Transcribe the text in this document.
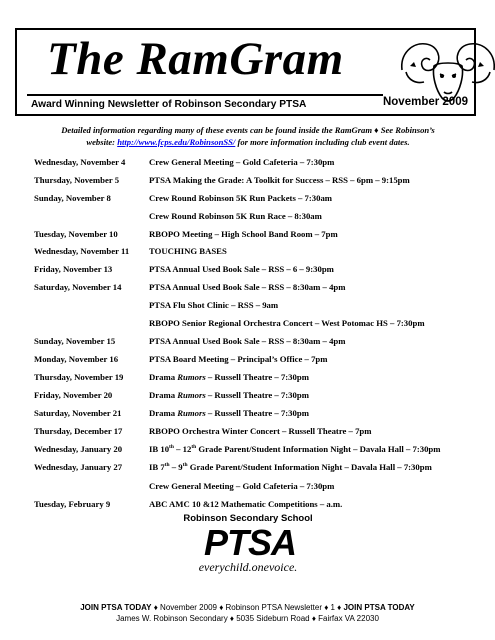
The RamGram
Award Winning Newsletter of Robinson Secondary PTSA	November 2009
Detailed information regarding many of these events can be found inside the RamGram ♦ See Robinson’s
website: http://www.fcps.edu/RobinsonSS/ for more information including club event dates.
Wednesday, November 4	Crew General Meeting – Gold Cafeteria – 7:30pm
Thursday, November 5	PTSA Making the Grade: A Toolkit for Success – RSS – 6pm – 9:15pm
Sunday, November 8	Crew Round Robinson 5K Run Packets – 7:30am
Crew Round Robinson 5K Run Race – 8:30am
Tuesday, November 10	RBOPO Meeting – High School Band Room – 7pm
Wednesday, November 11 TOUCHING BASES
Friday, November 13	PTSA Annual Used Book Sale – RSS – 6 – 9:30pm
Saturday, November 14	PTSA Annual Used Book Sale – RSS – 8:30am – 4pm
PTSA Flu Shot Clinic – RSS – 9am
RBOPO Senior Regional Orchestra Concert – West Potomac HS – 7:30pm
Sunday, November 15	PTSA Annual Used Book Sale – RSS – 8:30am – 4pm
Monday, November 16	PTSA Board Meeting – Principal’s Office – 7pm
Thursday, November 19	Drama Rumors – Russell Theatre – 7:30pm
Friday, November 20	Drama Rumors – Russell Theatre – 7:30pm
Saturday, November 21	Drama Rumors – Russell Theatre – 7:30pm
Thursday, December 17	RBOPO Orchestra Winter Concert – Russell Theatre – 7pm
Wednesday, January 20	IB 10th – 12th Grade Parent/Student Information Night – Davala Hall – 7:30pm
Wednesday, January 27	IB 7th – 9th Grade Parent/Student Information Night – Davala Hall – 7:30pm
Crew General Meeting – Gold Cafeteria – 7:30pm
Tuesday, February 9	ABC AMC 10 &12 Mathematic Competitions – a.m.
Robinson Secondary School
PTSA
everychild.onevoice.
JOIN PTSA TODAY ♦ November 2009 ♦ Robinson PTSA Newsletter ♦ 1 ♦ JOIN PTSA TODAY
James W. Robinson Secondary ♦ 5035 Sideburn Road ♦ Fairfax VA 22030
